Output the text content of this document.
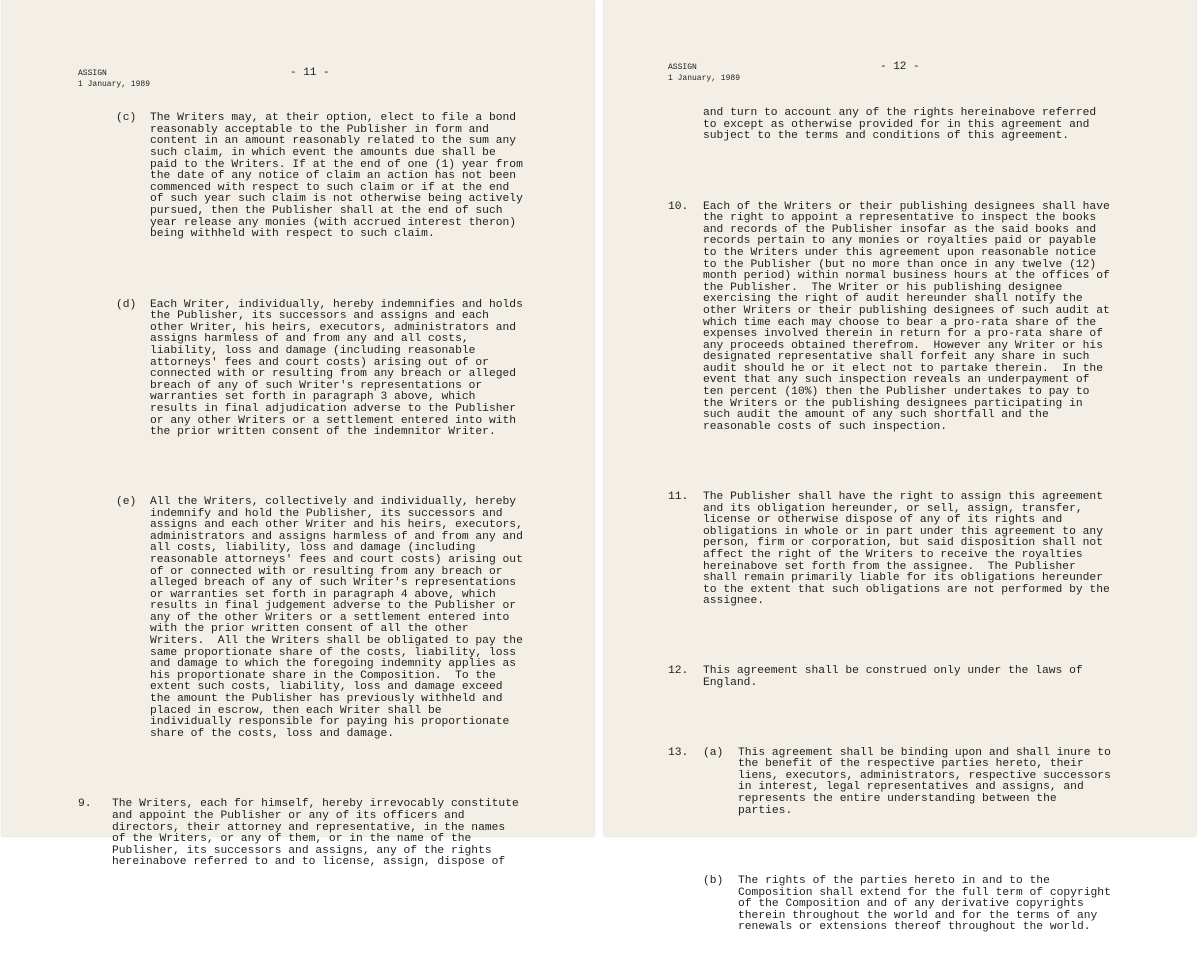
ASSIGN
1 January, 1989
- 11 -

(c)

The Writers may, at their option, elect to file a bond
reasonably acceptable to the Publisher in form and
content in an amount reasonably related to the sum any
such claim, in which event the amounts due shall be
paid to the Writers. If at the end of one (1) year from
the date of any notice of claim an action has not been
commenced with respect to such claim or if at the end
of such year such claim is not otherwise being actively
pursued, then the Publisher shall at the end of such
year release any monies (with accrued interest theron)
being withheld with respect to such claim.

(d)

Each Writer, individually, hereby indemnifies and holds
the Publisher, its successors and assigns and each
other Writer, his heirs, executors, administrators and
assigns harmless of and from any and all costs,
liability, loss and damage (including reasonable
attorneys' fees and court costs) arising out of or
connected with or resulting from any breach or alleged
breach of any of such Writer's representations or
warranties set forth in paragraph 3 above, which
results in final adjudication adverse to the Publisher
or any other Writers or a settlement entered into with
the prior written consent of the indemnitor Writer.

(e)

All the Writers, collectively and individually, hereby
indemnify and hold the Publisher, its successors and
assigns and each other Writer and his heirs, executors,
administrators and assigns harmless of and from any and
all costs, liability, loss and damage (including
reasonable attorneys' fees and court costs) arising out
of or connected with or resulting from any breach or
alleged breach of any of such Writer's representations
or warranties set forth in paragraph 4 above, which
results in final judgement adverse to the Publisher or
any of the other Writers or a settlement entered into
with the prior written consent of all the other
Writers.  All the Writers shall be obligated to pay the
same proportionate share of the costs, liability, loss
and damage to which the foregoing indemnity applies as
his proportionate share in the Composition.  To the
extent such costs, liability, loss and damage exceed
the amount the Publisher has previously withheld and
placed in escrow, then each Writer shall be
individually responsible for paying his proportionate
share of the costs, loss and damage.

9.

The Writers, each for himself, hereby irrevocably constitute
and appoint the Publisher or any of its officers and
directors, their attorney and representative, in the names
of the Writers, or any of them, or in the name of the
Publisher, its successors and assigns, any of the rights
hereinabove referred to and to license, assign, dispose of

ASSIGN
1 January, 1989
- 12 -

and turn to account any of the rights hereinabove referred
to except as otherwise provided for in this agreement and
subject to the terms and conditions of this agreement.

10.

Each of the Writers or their publishing designees shall have
the right to appoint a representative to inspect the books
and records of the Publisher insofar as the said books and
records pertain to any monies or royalties paid or payable
to the Writers under this agreement upon reasonable notice
to the Publisher (but no more than once in any twelve (12)
month period) within normal business hours at the offices of
the Publisher.  The Writer or his publishing designee
exercising the right of audit hereunder shall notify the
other Writers or their publishing designees of such audit at
which time each may choose to bear a pro-rata share of the
expenses involved therein in return for a pro-rata share of
any proceeds obtained therefrom.  However any Writer or his
designated representative shall forfeit any share in such
audit should he or it elect not to partake therein.  In the
event that any such inspection reveals an underpayment of
ten percent (10%) then the Publisher undertakes to pay to
the Writers or the publishing designees participating in
such audit the amount of any such shortfall and the
reasonable costs of such inspection.

11.

The Publisher shall have the right to assign this agreement
and its obligation hereunder, or sell, assign, transfer,
license or otherwise dispose of any of its rights and
obligations in whole or in part under this agreement to any
person, firm or corporation, but said disposition shall not
affect the right of the Writers to receive the royalties
hereinabove set forth from the assignee.  The Publisher
shall remain primarily liable for its obligations hereunder
to the extent that such obligations are not performed by the
assignee.

12.

This agreement shall be construed only under the laws of
England.

13.

(a)

This agreement shall be binding upon and shall inure to
the benefit of the respective parties hereto, their
liens, executors, administrators, respective successors
in interest, legal representatives and assigns, and
represents the entire understanding between the
parties.

(b)

The rights of the parties hereto in and to the
Composition shall extend for the full term of copyright
of the Composition and of any derivative copyrights
therein throughout the world and for the terms of any
renewals or extensions thereof throughout the world.
